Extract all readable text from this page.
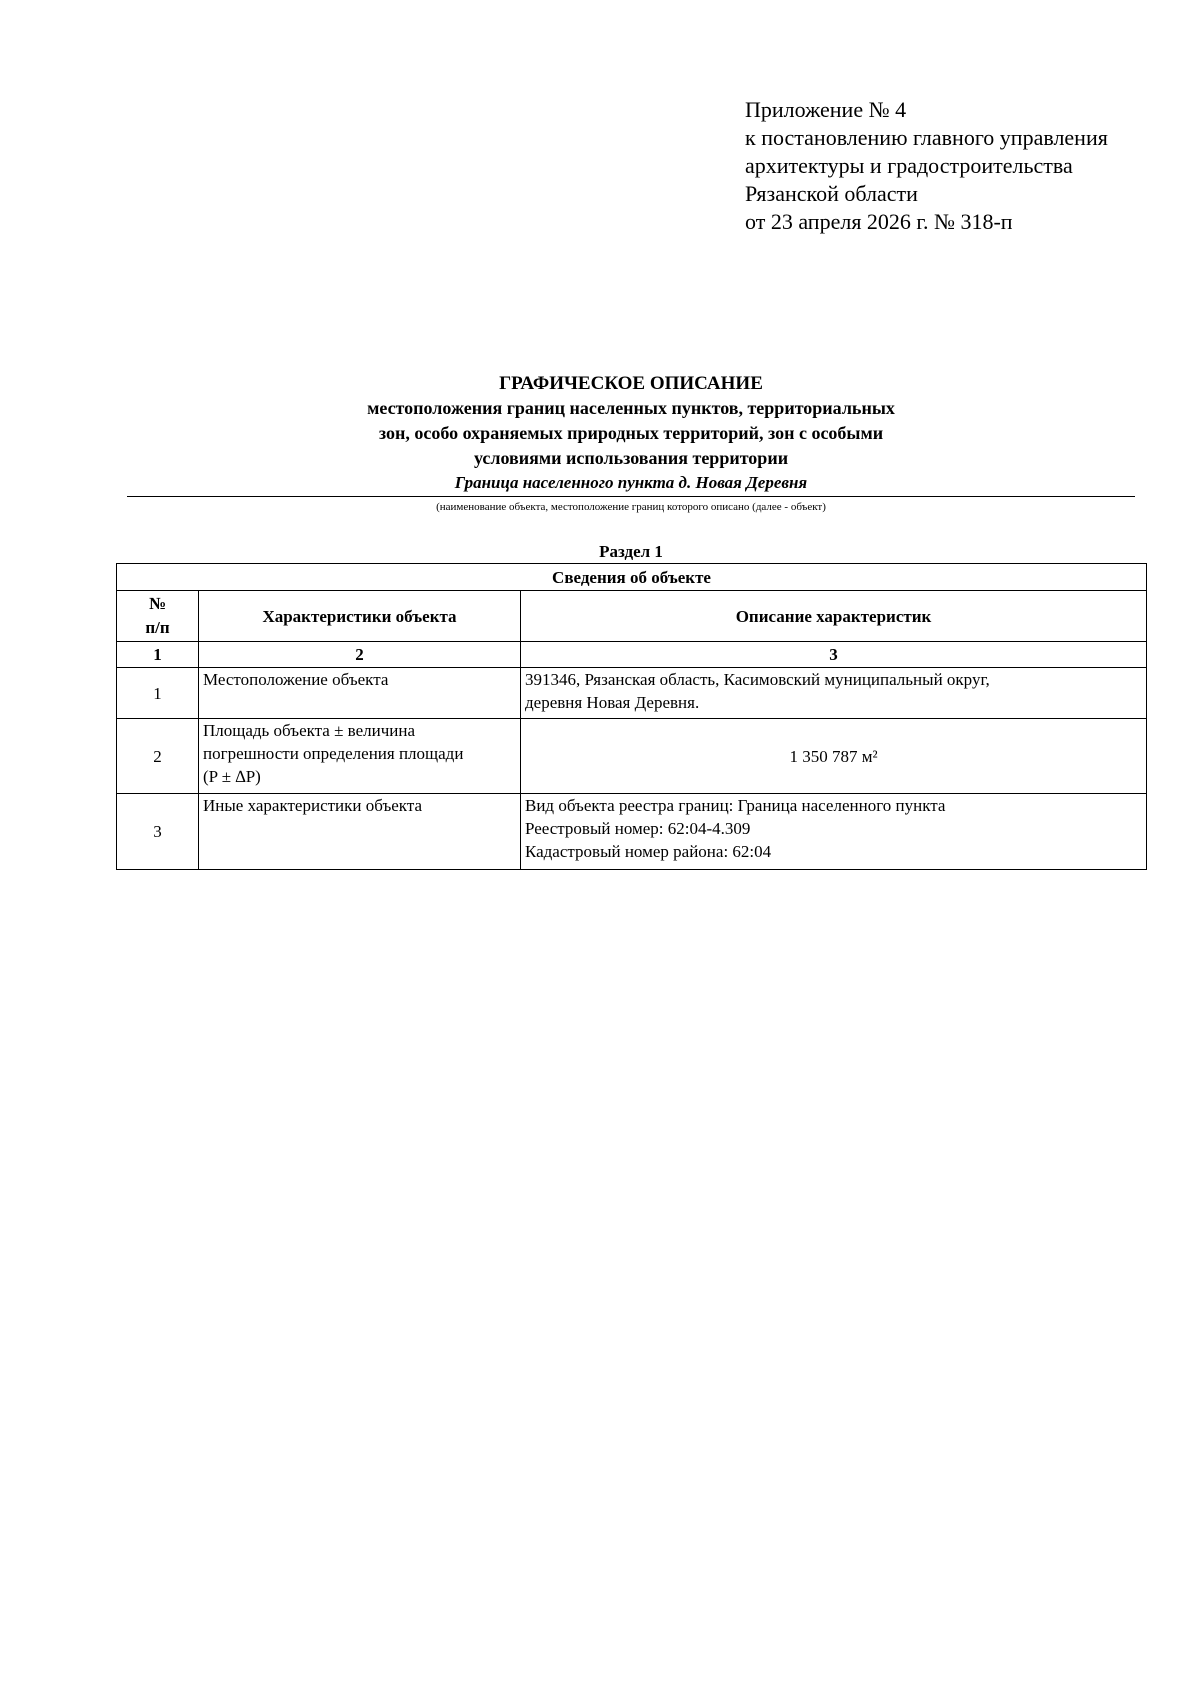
Приложение № 4
к постановлению главного управления
архитектуры и градостроительства
Рязанской области
от 23 апреля 2026 г. № 318-п
ГРАФИЧЕСКОЕ ОПИСАНИЕ
местоположения границ населенных пунктов, территориальных
зон, особо охраняемых природных территорий, зон с особыми
условиями использования территории
Граница населенного пункта д. Новая Деревня
(наименование объекта, местоположение границ которого описано (далее - объект)
Раздел 1
Сведения об объекте		

№
п/п	Характеристики объекта	Описание характеристик
1	2	3
1	Местоположение объекта	391346, Рязанская область, Касимовский муниципальный округ,
деревня Новая Деревня.

2	Площадь объекта ± величина
погрешности определения площади
(P ± ∆P)	1 350 787 м²
3	Иные характеристики объекта	Вид объекта реестра границ: Граница населенного пункта
Реестровый номер: 62:04-4.309
Кадастровый номер района: 62:04
